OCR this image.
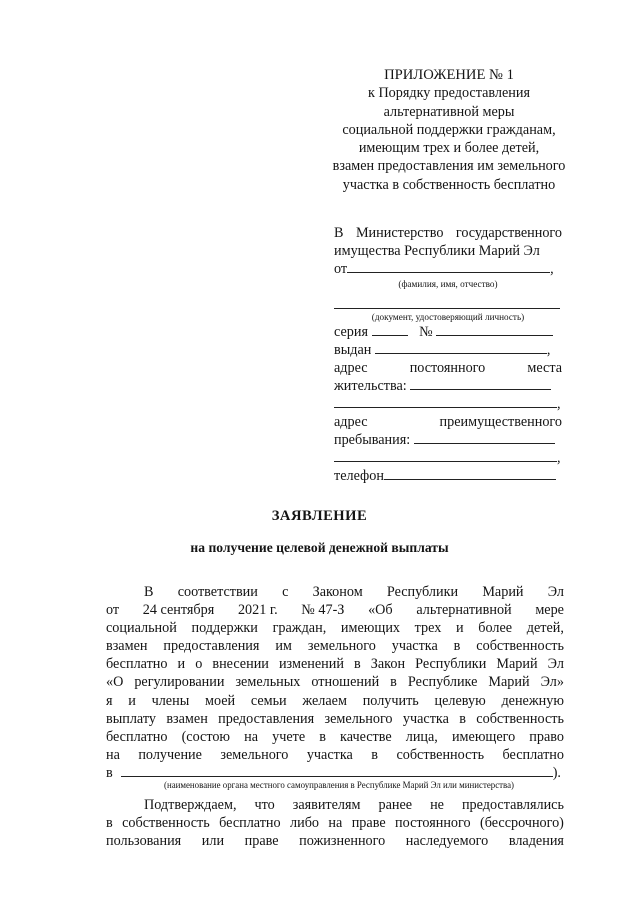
ПРИЛОЖЕНИЕ № 1
к Порядку предоставления
альтернативной меры
социальной поддержки гражданам,
имеющим трех и более детей,
взамен предоставления им земельного
участка в собственность бесплатно
В Министерство государственного
имущества Республики Марий Эл
от	,
(фамилия, имя, отчество)
(документ, удостоверяющий личность)
серия	№
выдан	,
адрес	постоянного	места
жительства:
,
адрес	преимущественного
пребывания:
,
телефон
ЗАЯВЛЕНИЕ
на получение целевой денежной выплаты
В соответствии с Законом Республики Марий Эл
от 24 сентября 2021 г. № 47-З «Об альтернативной мере
социальной поддержки граждан, имеющих трех и более детей,
взамен предоставления им земельного участка в собственность
бесплатно и о внесении изменений в Закон Республики Марий Эл
«О регулировании земельных отношений в Республике Марий Эл»
я и члены моей семьи желаем получить целевую денежную
выплату взамен предоставления земельного участка в собственность
бесплатно (состою на учете в качестве лица, имеющего право
на получение земельного участка в собственность бесплатно
в	).
(наименование органа местного самоуправления в Республике Марий Эл или министерства)
Подтверждаем, что заявителям ранее не предоставлялись
в собственность бесплатно либо на праве постоянного (бессрочного)
пользования или праве пожизненного наследуемого владения
